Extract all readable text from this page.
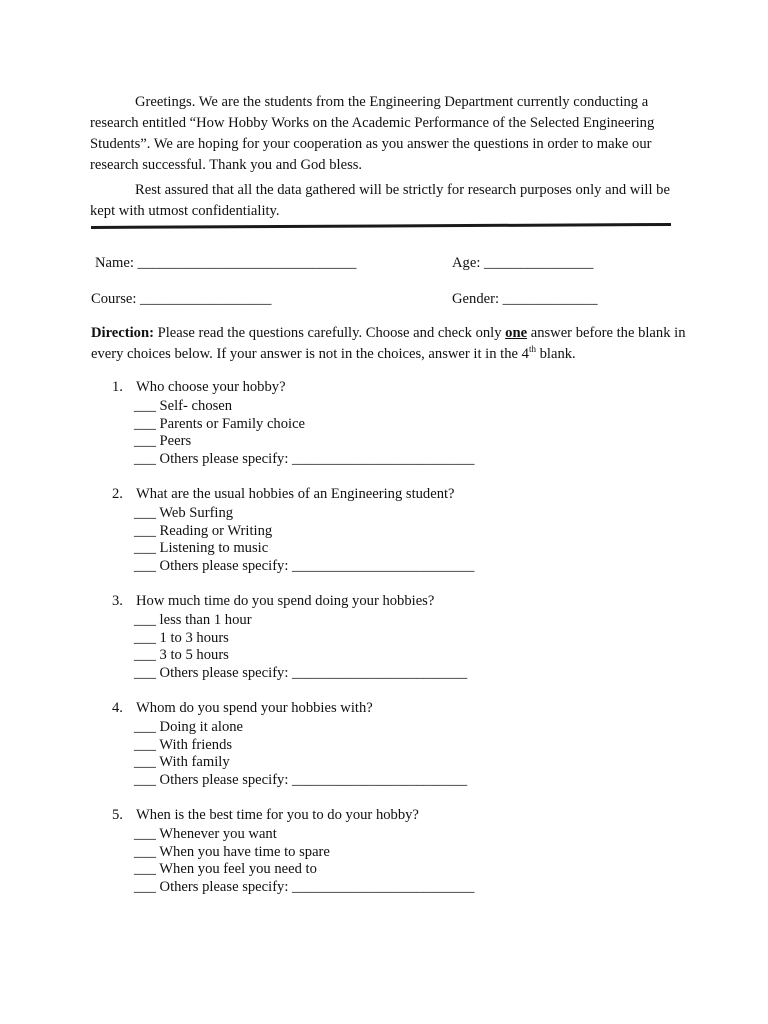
Greetings. We are the students from the Engineering Department currently conducting a research entitled “How Hobby Works on the Academic Performance of the Selected Engineering Students”. We are hoping for your cooperation as you answer the questions in order to make our research successful. Thank you and God bless.

Rest assured that all the data gathered will be strictly for research purposes only and will be kept with utmost confidentiality.

Name: ______________________________	Age: _______________
Course: __________________	Gender: _____________

Direction: Please read the questions carefully. Choose and check only one answer before the blank in every choices below. If your answer is not in the choices, answer it in the 4th blank.

1. Who choose your hobby?
___ Self- chosen
___ Parents or Family choice
___ Peers
___ Others please specify: _________________________
2. What are the usual hobbies of an Engineering student?
___ Web Surfing
___ Reading or Writing
___ Listening to music
___ Others please specify: _________________________
3. How much time do you spend doing your hobbies?
___ less than 1 hour
___ 1 to 3 hours
___ 3 to 5 hours
___ Others please specify: ________________________
4. Whom do you spend your hobbies with?
___ Doing it alone
___ With friends
___ With family
___ Others please specify: ________________________
5. When is the best time for you to do your hobby?
___ Whenever you want
___ When you have time to spare
___ When you feel you need to
___ Others please specify: _________________________
